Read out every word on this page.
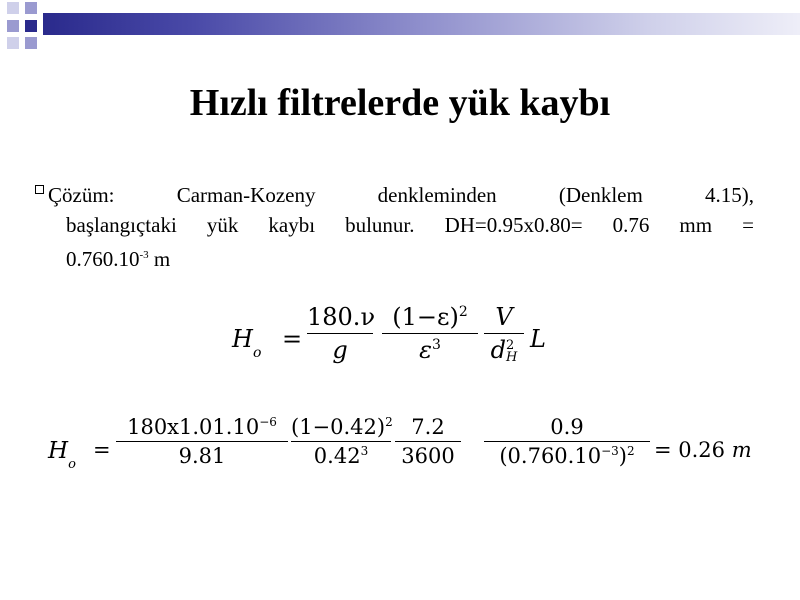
Hızlı filtrelerde yük kaybı

Çözüm: Carman-Kozeny denkleminden (Denklem 4.15),
başlangıçtaki yük kaybı bulunur. DH=0.95x0.80= 0.76 mm =
$0.760.10^{-3}$ m

$H_o$ =
180.ν
g
$(1-\varepsilon)^2$
$\varepsilon^3$
V
d 2
H
L
$H_o$
=
$180x1.01.10^{-6}$
9.81
$(1-0.42)^2$
0.42$^3$
7.2
3600
0.9
$(0.760.10^{-3})^2 = 0.26$ m
